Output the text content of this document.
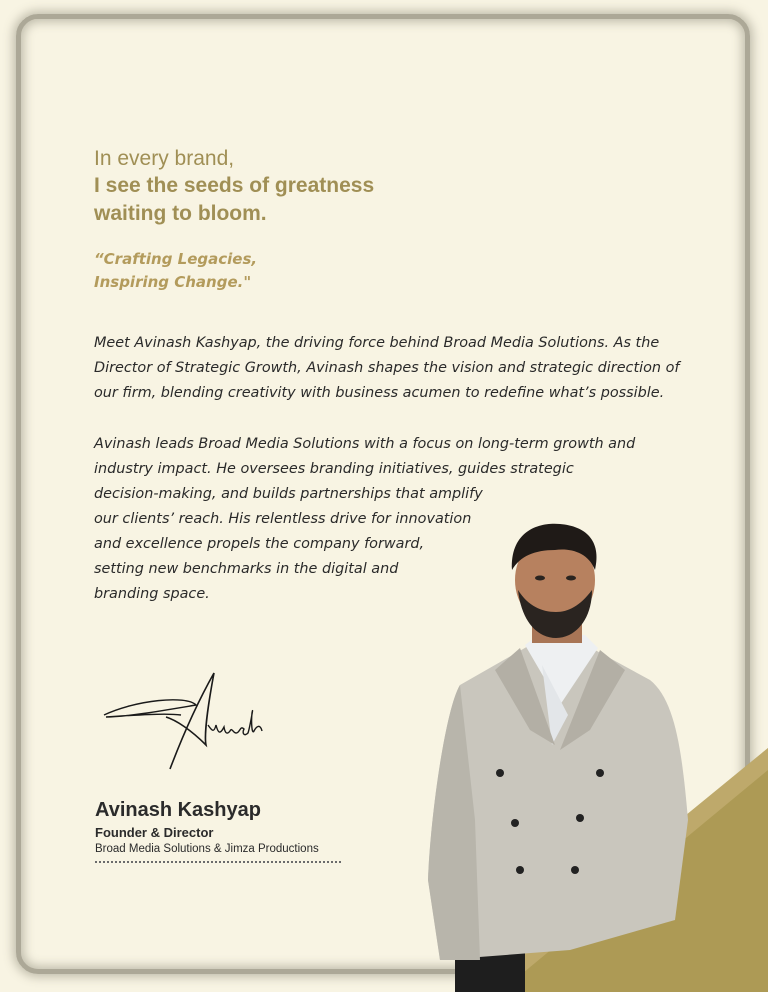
In every brand,
I see the seeds of greatness
waiting to bloom.
“Crafting Legacies,
Inspiring Change."
Meet Avinash Kashyap, the driving force behind Broad Media Solutions. As the
Director of Strategic Growth, Avinash shapes the vision and strategic direction of
our firm, blending creativity with business acumen to redefine what’s possible.
Avinash leads Broad Media Solutions with a focus on long-term growth and
industry impact. He oversees branding initiatives, guides strategic
decision-making, and builds partnerships that amplify
our clients’ reach. His relentless drive for innovation
and excellence propels the company forward,
setting new benchmarks in the digital and
branding space.
Avinash Kashyap
Founder & Director
Broad Media Solutions & Jimza Productions
